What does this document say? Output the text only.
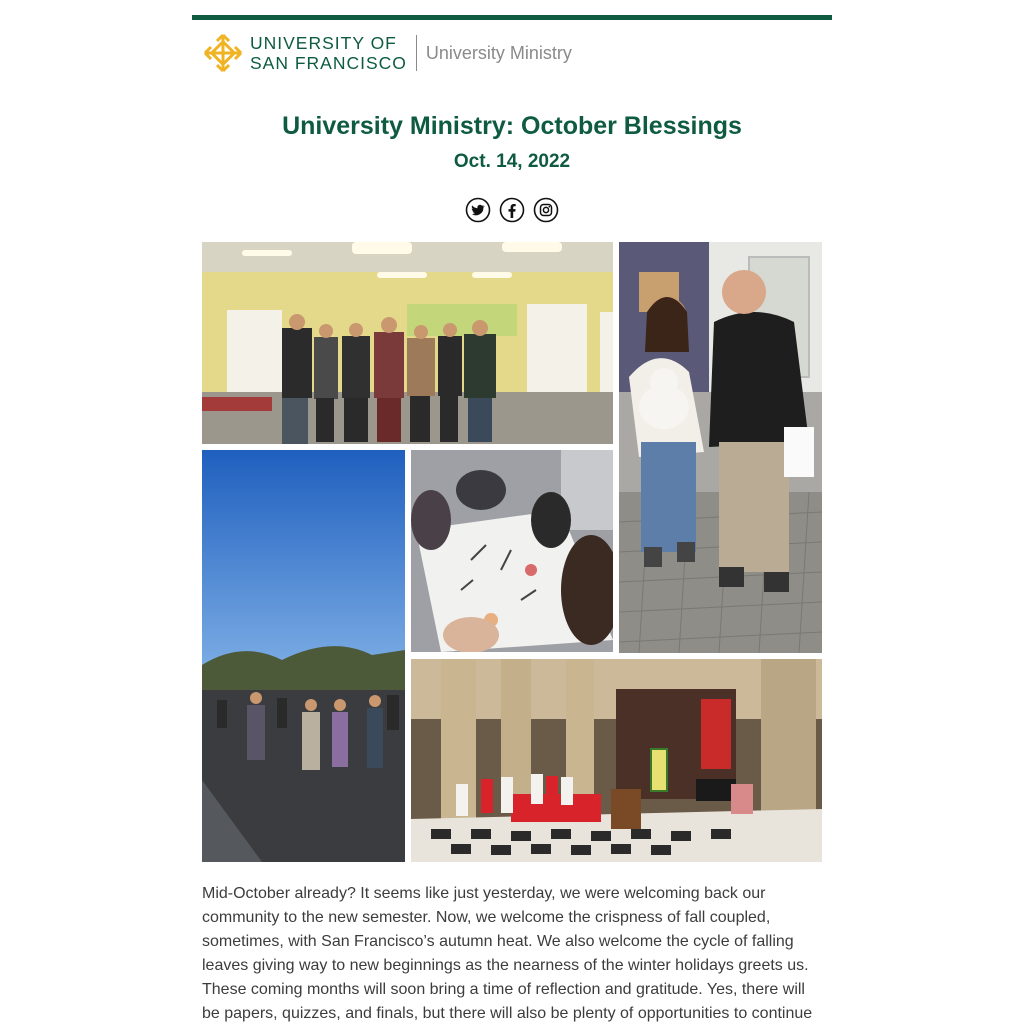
UNIVERSITY OF
SAN FRANCISCO
University Ministry
University Ministry: October Blessings
Oct. 14, 2022
Mid-October already? It seems like just yesterday, we were welcoming back our community to the new semester. Now, we welcome the crispness of fall coupled, sometimes, with San Francisco’s autumn heat. We also welcome the cycle of falling leaves giving way to new beginnings as the nearness of the winter holidays greets us. These coming months will soon bring a time of reflection and gratitude. Yes, there will be papers, quizzes, and finals, but there will also be plenty of opportunities to continue
